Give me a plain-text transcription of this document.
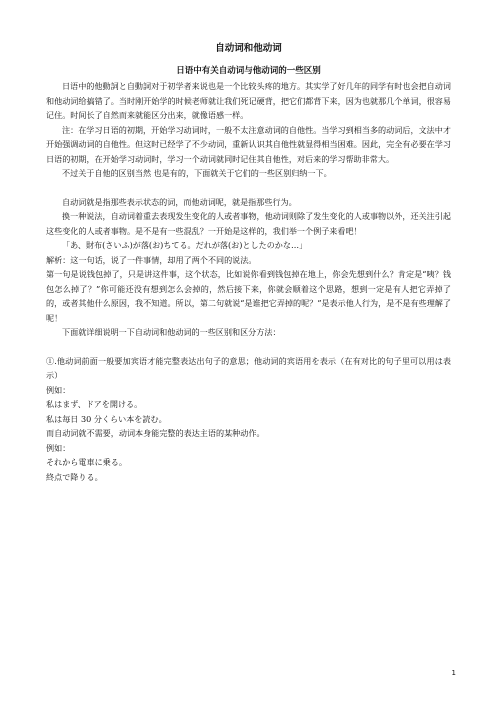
自动词和他动词
日语中有关自动词与他动词的一些区别

日语中的他動詞と自動詞对于初学者来说也是一个比较头疼的地方。其实学了好几年的同学有时也会把自动词和他动词给搞错了。当时刚开始学的时候老师就让我们死记硬背，把它们都背下来，因为也就那几个单词，很容易记住。时间长了自然而来就能区分出来，就像语感一样。

注：在学习日语的初期，开始学习动词时，一般不太注意动词的自他性。当学习到相当多的动词后，文法中才开始强调动词的自他性。但这时已经学了不少动词，重新认识其自他性就显得相当困难。因此，完全有必要在学习日语的初期，在开始学习动词时，学习一个动词就同时记住其自他性，对后来的学习帮助非常大。

不过关于自他的区别当然 也是有的，下面就关于它们的一些区别归纳一下。

自动词就是指那些表示状态的词，而他动词呢，就是指那些行为。

换一种说法，自动词着重去表现发生变化的人或者事物，他动词则除了发生变化的人或事物以外，还关注引起这些变化的人或者事物。是不是有一些混乱？一开始是这样的，我们举一个例子来看吧！

「あ、財布(さいふ)が落(お)ちてる。だれが落(お)としたのかな…」

解析：这一句话，说了一件事情，却用了两个不同的说法。

第一句是说钱包掉了，只是讲这件事，这个状态，比如说你看到钱包掉在地上，你会先想到什么？肯定是“咦？钱包怎么掉了？”你可能还没有想到怎么会掉的，然后接下来，你就会顺着这个思路，想到一定是有人把它弄掉了的，或者其他什么原因，我不知道。所以，第二句就说“是谁把它弄掉的呢？”是表示他人行为，是不是有些理解了呢！

下面就详细说明一下自动词和他动词的一些区别和区分方法：

①.他动词前面一般要加宾语才能完整表达出句子的意思；他动词的宾语用を表示（在有对比的句子里可以用は表示）

例如：

私はまず、ドアを開ける。

私は毎日 30 分くらい本を読む。

而自动词就不需要，动词本身能完整的表达主语的某种动作。

例如：

それから電車に乗る。

終点で降りる。

1
